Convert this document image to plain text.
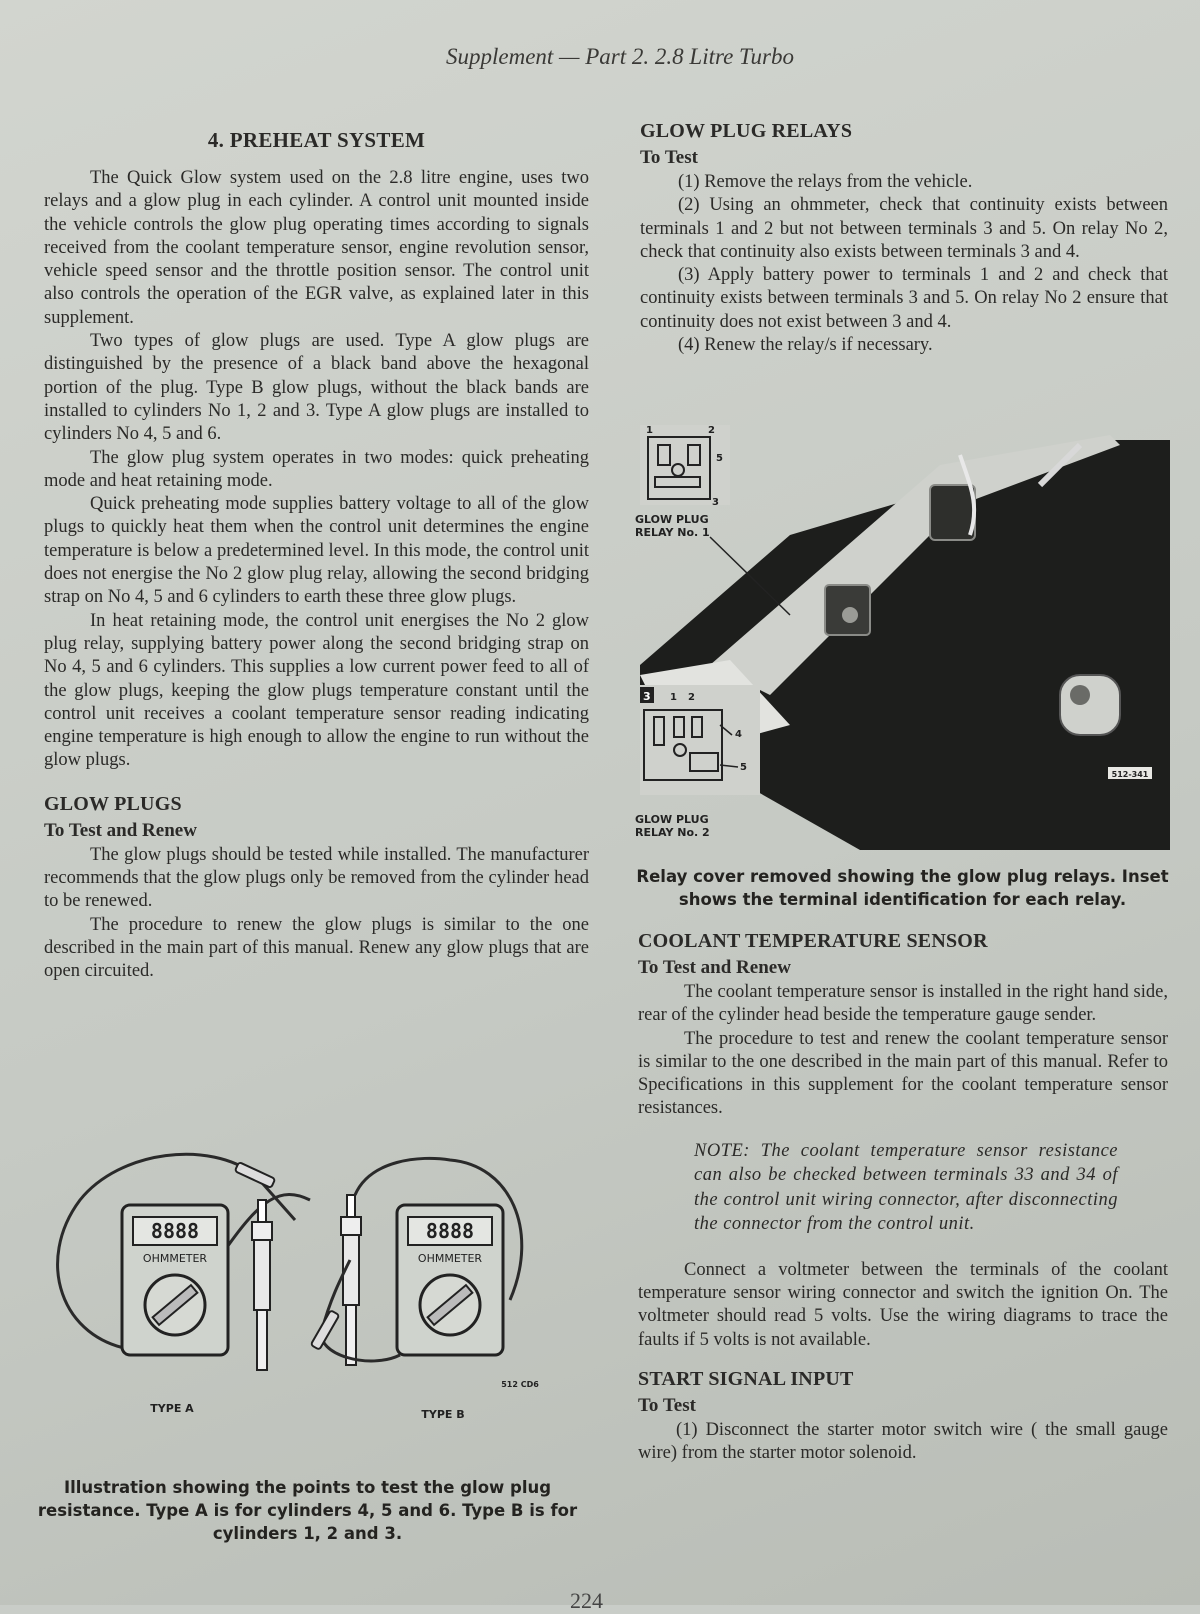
Supplement — Part 2. 2.8 Litre Turbo
4. PREHEAT SYSTEM

The Quick Glow system used on the 2.8 litre engine, uses two relays and a glow plug in each cylinder. A control unit mounted inside the vehicle controls the glow plug operating times according to signals received from the coolant temperature sensor, engine revolution sensor, vehicle speed sensor and the throttle position sensor. The control unit also controls the operation of the EGR valve, as explained later in this supplement.

Two types of glow plugs are used. Type A glow plugs are distinguished by the presence of a black band above the hexagonal portion of the plug. Type B glow plugs, without the black bands are installed to cylinders No 1, 2 and 3. Type A glow plugs are installed to cylinders No 4, 5 and 6.

The glow plug system operates in two modes: quick preheating mode and heat retaining mode.

Quick preheating mode supplies battery voltage to all of the glow plugs to quickly heat them when the control unit determines the engine temperature is below a predetermined level. In this mode, the control unit does not energise the No 2 glow plug relay, allowing the second bridging strap on No 4, 5 and 6 cylinders to earth these three glow plugs.

In heat retaining mode, the control unit energises the No 2 glow plug relay, supplying battery power along the second bridging strap on No 4, 5 and 6 cylinders. This supplies a low current power feed to all of the glow plugs, keeping the glow plugs temperature constant until the control unit receives a coolant temperature sensor reading indicating engine temperature is high enough to allow the engine to run without the glow plugs.

GLOW PLUGS
To Test and Renew

The glow plugs should be tested while installed. The manufacturer recommends that the glow plugs only be removed from the cylinder head to be renewed.

The procedure to renew the glow plugs is similar to the one described in the main part of this manual. Renew any glow plugs that are open circuited.

8888
OHMMETER
8888
OHMMETER
TYPE A	TYPE B
512 CD6
Illustration showing the points to test the glow plug resistance. Type A is for cylinders 4, 5 and 6. Type B is for cylinders 1, 2 and 3.
GLOW PLUG RELAYS
To Test

(1) Remove the relays from the vehicle.

(2) Using an ohmmeter, check that continuity exists between terminals 1 and 2 but not between terminals 3 and 5. On relay No 2, check that continuity also exists between terminals 3 and 4.

(3) Apply battery power to terminals 1 and 2 and check that continuity exists between terminals 3 and 5. On relay No 2 ensure that continuity does not exist between 3 and 4.

(4) Renew the relay/s if necessary.

1	2
5
3
3 1 2
4
5
512-341
GLOW PLUG RELAY No. 1
GLOW PLUG RELAY No. 2
Relay cover removed showing the glow plug relays. Inset shows the terminal identification for each relay.
COOLANT TEMPERATURE SENSOR
To Test and Renew

The coolant temperature sensor is installed in the right hand side, rear of the cylinder head beside the temperature gauge sender.

The procedure to test and renew the coolant temperature sensor is similar to the one described in the main part of this manual. Refer to Specifications in this supplement for the coolant temperature sensor resistances.

NOTE: The coolant temperature sensor resistance can also be checked between terminals 33 and 34 of the control unit wiring connector, after disconnecting the connector from the control unit.

Connect a voltmeter between the terminals of the coolant temperature sensor wiring connector and switch the ignition On. The voltmeter should read 5 volts. Use the wiring diagrams to trace the faults if 5 volts is not available.

START SIGNAL INPUT
To Test

(1) Disconnect the starter motor switch wire ( the small gauge wire) from the starter motor solenoid.

224
